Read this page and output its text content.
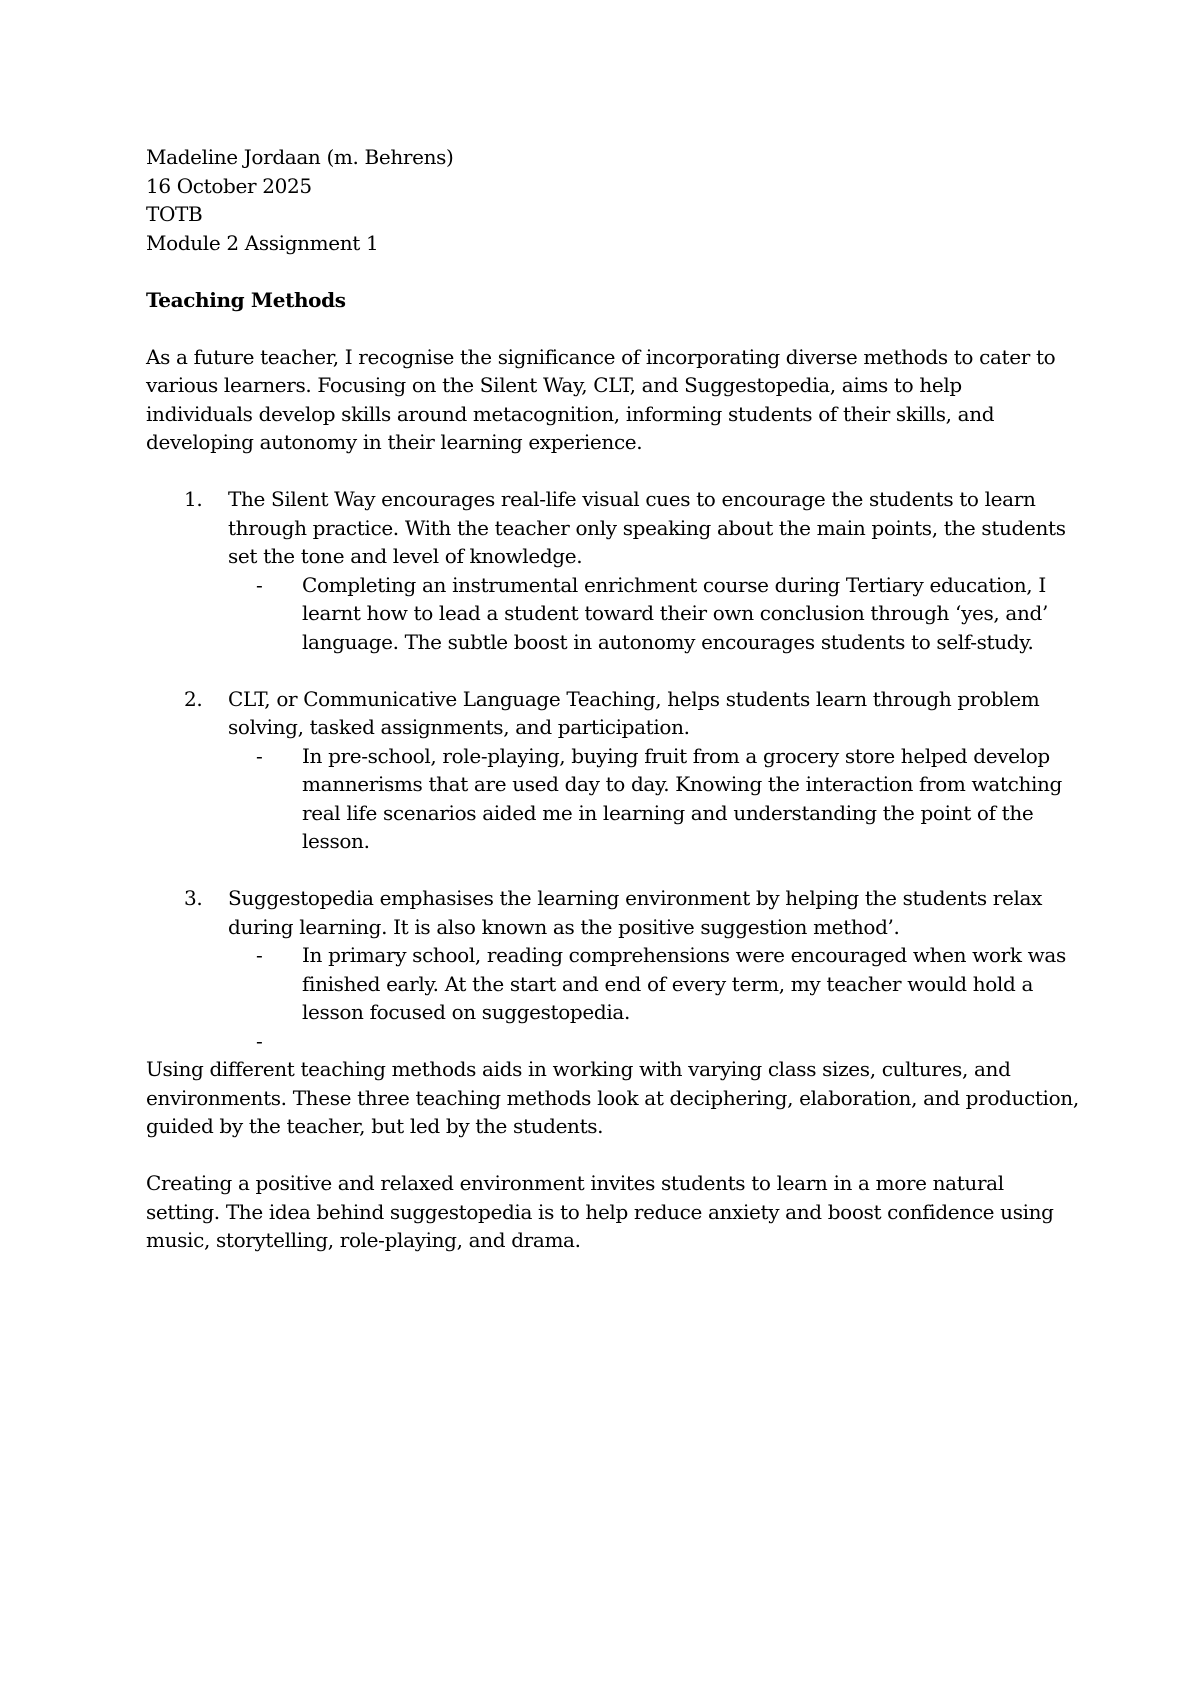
Madeline Jordaan (m. Behrens)
16 October 2025
TOTB
Module 2 Assignment 1
Teaching Methods
As a future teacher, I recognise the significance of incorporating diverse methods to cater to
various learners. Focusing on the Silent Way, CLT, and Suggestopedia, aims to help
individuals develop skills around metacognition, informing students of their skills, and
developing autonomy in their learning experience.
1. The Silent Way encourages real-life visual cues to encourage the students to learn
through practice. With the teacher only speaking about the main points, the students
set the tone and level of knowledge.
- Completing an instrumental enrichment course during Tertiary education, I
learnt how to lead a student toward their own conclusion through ‘yes, and’
language. The subtle boost in autonomy encourages students to self-study.
2. CLT, or Communicative Language Teaching, helps students learn through problem
solving, tasked assignments, and participation.
- In pre-school, role-playing, buying fruit from a grocery store helped develop
mannerisms that are used day to day. Knowing the interaction from watching
real life scenarios aided me in learning and understanding the point of the
lesson.
3. Suggestopedia emphasises the learning environment by helping the students relax
during learning. It is also known as the positive suggestion method’.
- In primary school, reading comprehensions were encouraged when work was
finished early. At the start and end of every term, my teacher would hold a
lesson focused on suggestopedia.
-

Using different teaching methods aids in working with varying class sizes, cultures, and
environments. These three teaching methods look at deciphering, elaboration, and production,
guided by the teacher, but led by the students.
Creating a positive and relaxed environment invites students to learn in a more natural
setting. The idea behind suggestopedia is to help reduce anxiety and boost confidence using
music, storytelling, role-playing, and drama.
